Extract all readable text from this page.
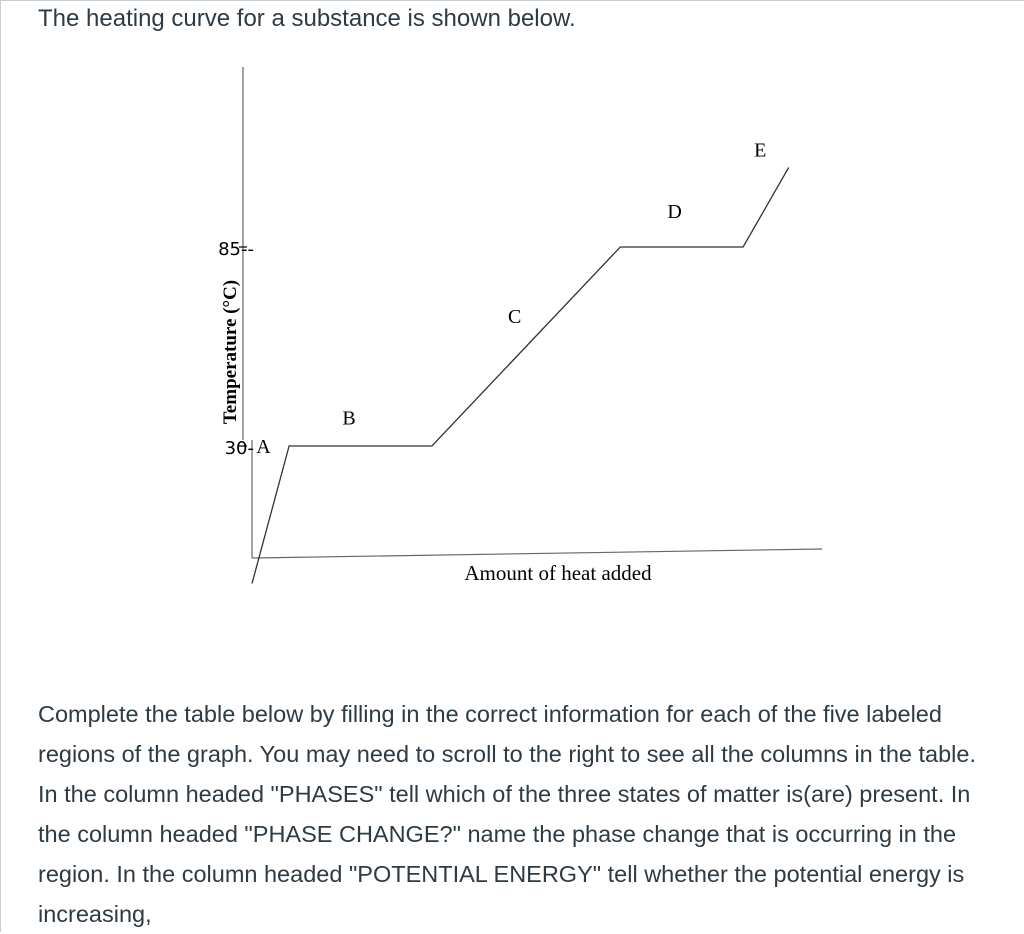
The heating curve for a substance is shown below.

30-
85--
A
B
C
D
E
Amount of heat added
Temperature (°C)

Complete the table below by filling in the correct information for each of the five labeled regions of the graph. You may need to scroll to the right to see all the columns in the table. In the column headed "PHASES" tell which of the three states of matter is(are) present. In the column headed "PHASE CHANGE?" name the phase change that is occurring in the region. In the column headed "POTENTIAL ENERGY" tell whether the potential energy is increasing,
